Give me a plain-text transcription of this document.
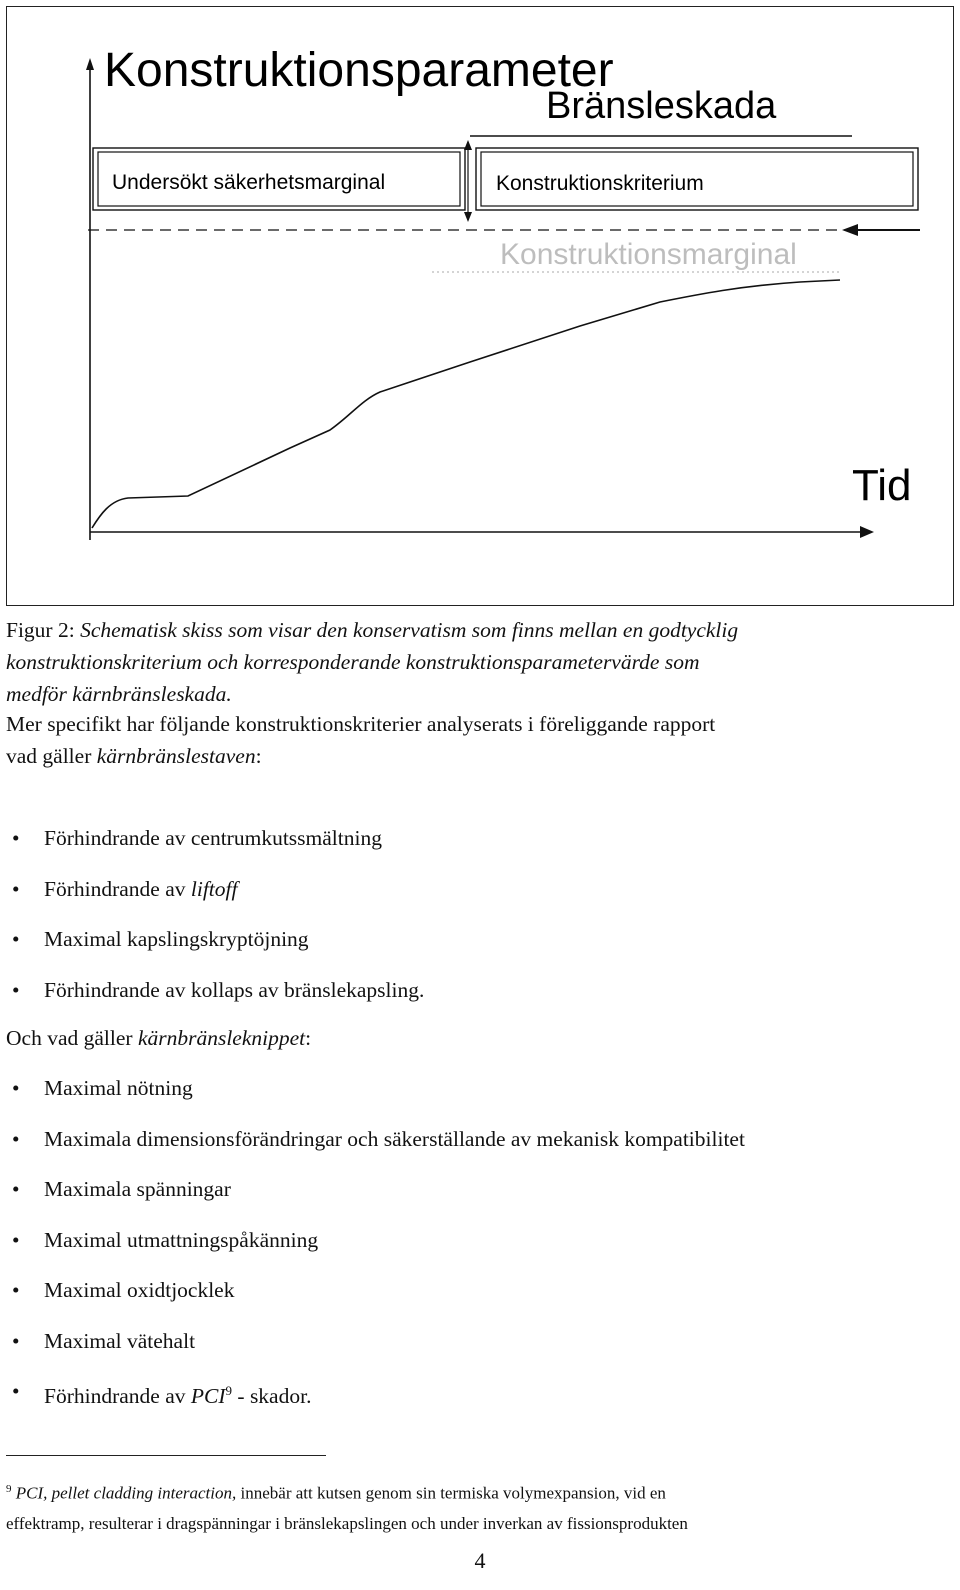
Konstruktionsparameter
Bränsleskada
Undersökt säkerhetsmarginal	Konstruktionskriterium
Konstruktionsmarginal
Tid
Figur 2: Schematisk skiss som visar den konservatism som finns mellan en godtycklig
konstruktionskriterium och korresponderande konstruktionsparametervärde som
medför kärnbränsleskada.
Mer specifikt har följande konstruktionskriterier analyserats i föreliggande rapport
vad gäller kärnbränslestaven:
• Förhindrande av centrumkutssmältning
• Förhindrande av liftoff
• Maximal kapslingskryptöjning
• Förhindrande av kollaps av bränslekapsling.
Och vad gäller kärnbränsleknippet:
• Maximal nötning
• Maximala dimensionsförändringar och säkerställande av mekanisk kompatibilitet
• Maximala spänningar
• Maximal utmattningspåkänning
• Maximal oxidtjocklek
• Maximal vätehalt
• Förhindrande av PCI$^9$ - skador.
$^9$ PCI, pellet cladding interaction, innebär att kutsen genom sin termiska volymexpansion, vid en
effektramp, resulterar i dragspänningar i bränslekapslingen och under inverkan av fissionsprodukten
4
